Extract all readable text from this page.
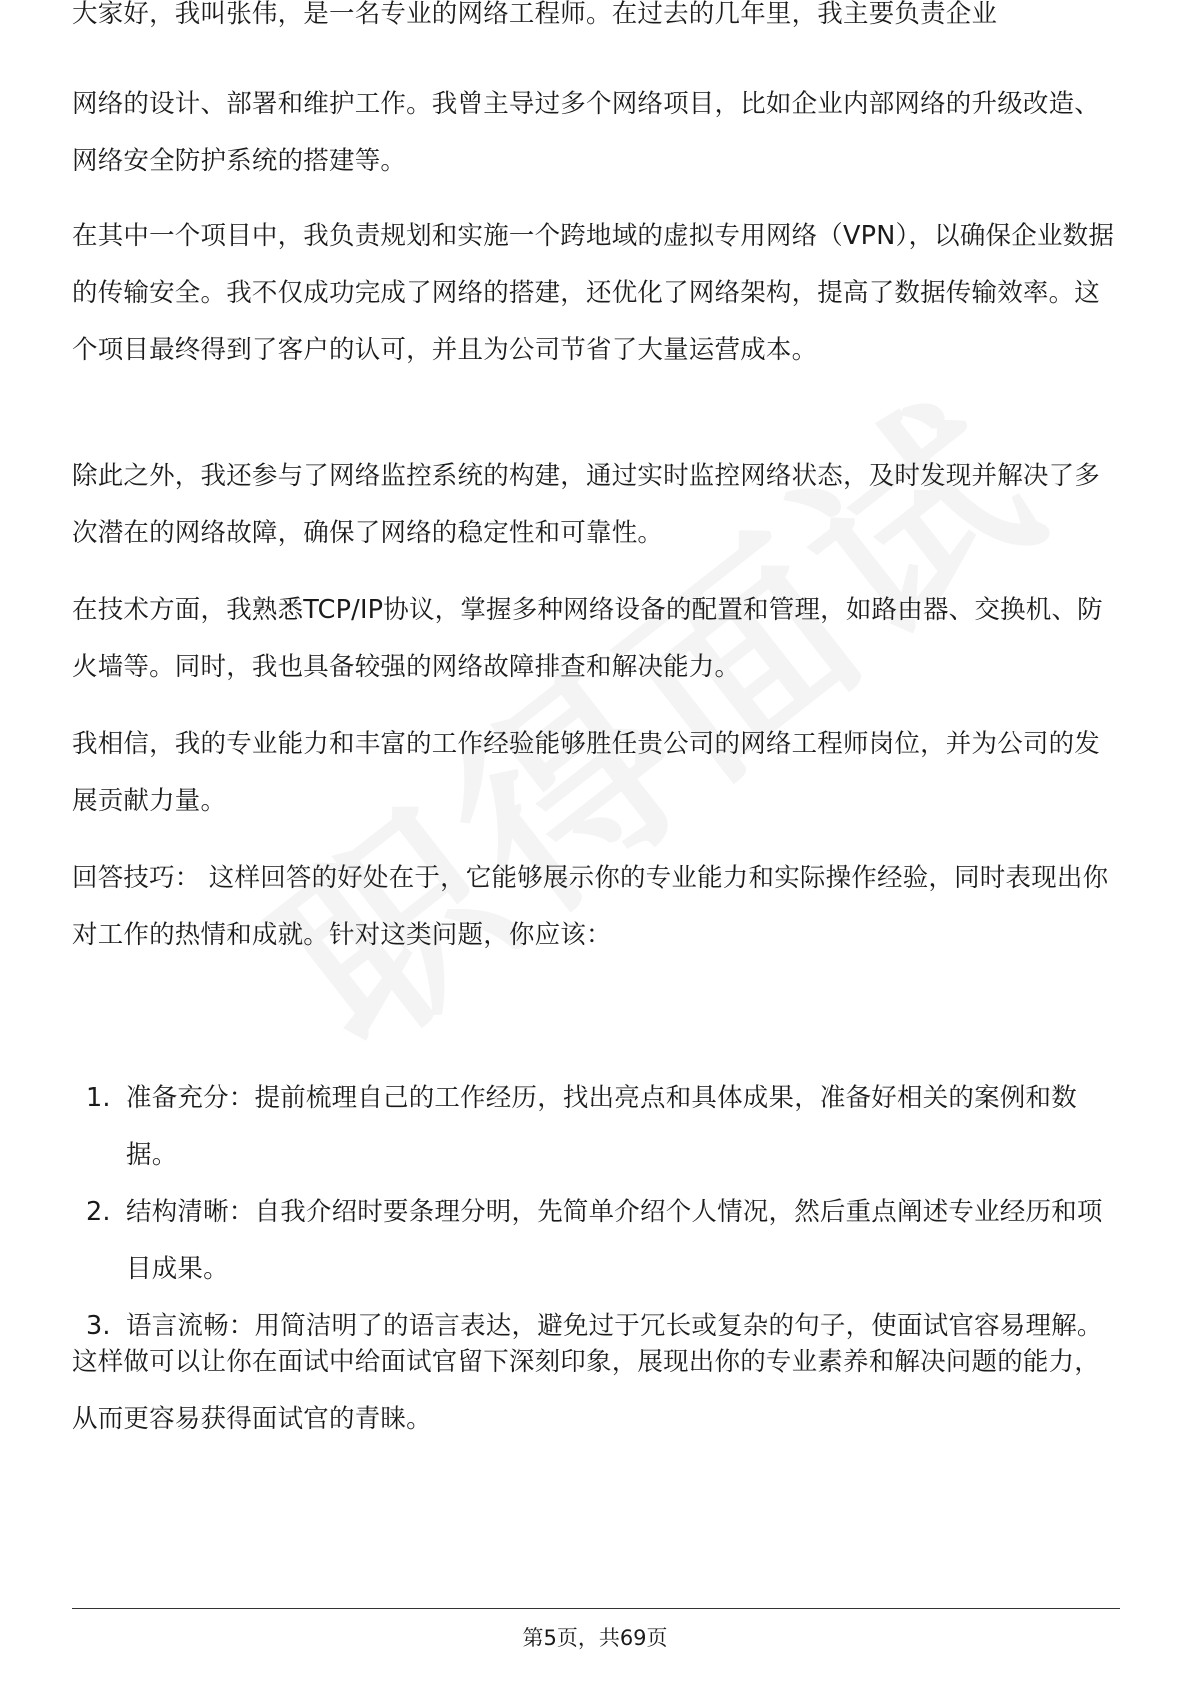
大家好，我叫张伟，是一名专业的网络工程师。在过去的几年里，我主要负责企业

网络的设计、部署和维护工作。我曾主导过多个网络项目，比如企业内部网络的升级改造、网络安全防护系统的搭建等。

在其中一个项目中，我负责规划和实施一个跨地域的虚拟专用网络（VPN），以确保企业数据的传输安全。我不仅成功完成了网络的搭建，还优化了网络架构，提高了数据传输效率。这个项目最终得到了客户的认可，并且为公司节省了大量运营成本。

除此之外，我还参与了网络监控系统的构建，通过实时监控网络状态，及时发现并解决了多次潜在的网络故障，确保了网络的稳定性和可靠性。

在技术方面，我熟悉TCP/IP协议，掌握多种网络设备的配置和管理，如路由器、交换机、防火墙等。同时，我也具备较强的网络故障排查和解决能力。

我相信，我的专业能力和丰富的工作经验能够胜任贵公司的网络工程师岗位，并为公司的发展贡献力量。

回答技巧： 这样回答的好处在于，它能够展示你的专业能力和实际操作经验，同时表现出你对工作的热情和成就。针对这类问题，你应该：

1. 准备充分：提前梳理自己的工作经历，找出亮点和具体成果，准备好相关的案例和数据。
2. 结构清晰：自我介绍时要条理分明，先简单介绍个人情况，然后重点阐述专业经历和项目成果。
3. 语言流畅：用简洁明了的语言表达，避免过于冗长或复杂的句子，使面试官容易理解。

这样做可以让你在面试中给面试官留下深刻印象，展现出你的专业素养和解决问题的能力，从而更容易获得面试官的青睐。

第5页，共69页
